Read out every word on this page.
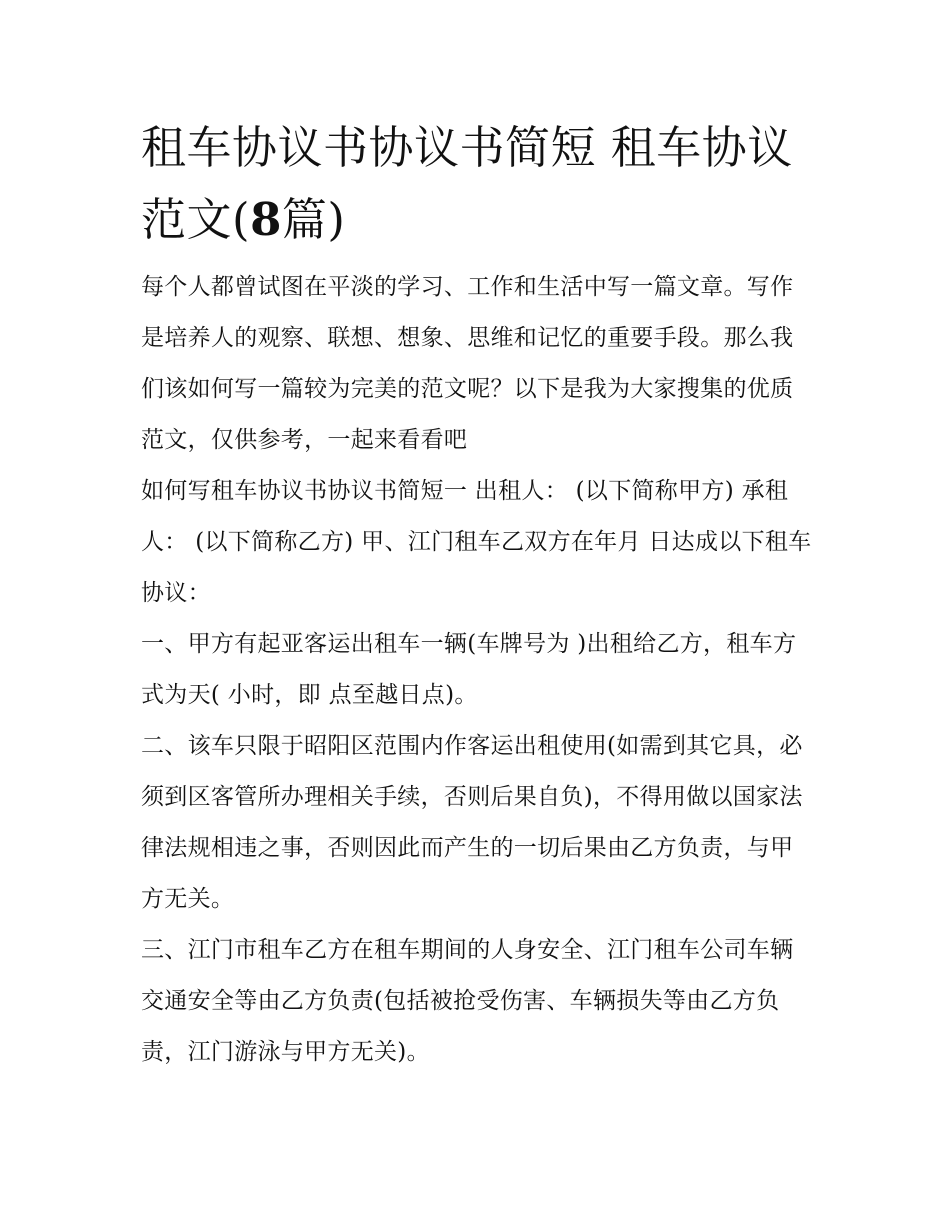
租车协议书协议书简短 租车协议范文(8篇)

每个人都曾试图在平淡的学习、工作和生活中写一篇文章。写作是培养人的观察、联想、想象、思维和记忆的重要手段。那么我们该如何写一篇较为完美的范文呢？以下是我为大家搜集的优质范文，仅供参考，一起来看看吧

如何写租车协议书协议书简短一 出租人： (以下简称甲方) 承租人： (以下简称乙方) 甲、江门租车乙双方在年月 日达成以下租车协议：

一、甲方有起亚客运出租车一辆(车牌号为 )出租给乙方，租车方式为天( 小时，即 点至越日点)。

二、该车只限于昭阳区范围内作客运出租使用(如需到其它具，必须到区客管所办理相关手续，否则后果自负)，不得用做以国家法律法规相违之事，否则因此而产生的一切后果由乙方负责，与甲方无关。

三、江门市租车乙方在租车期间的人身安全、江门租车公司车辆交通安全等由乙方负责(包括被抢受伤害、车辆损失等由乙方负责，江门游泳与甲方无关)。
